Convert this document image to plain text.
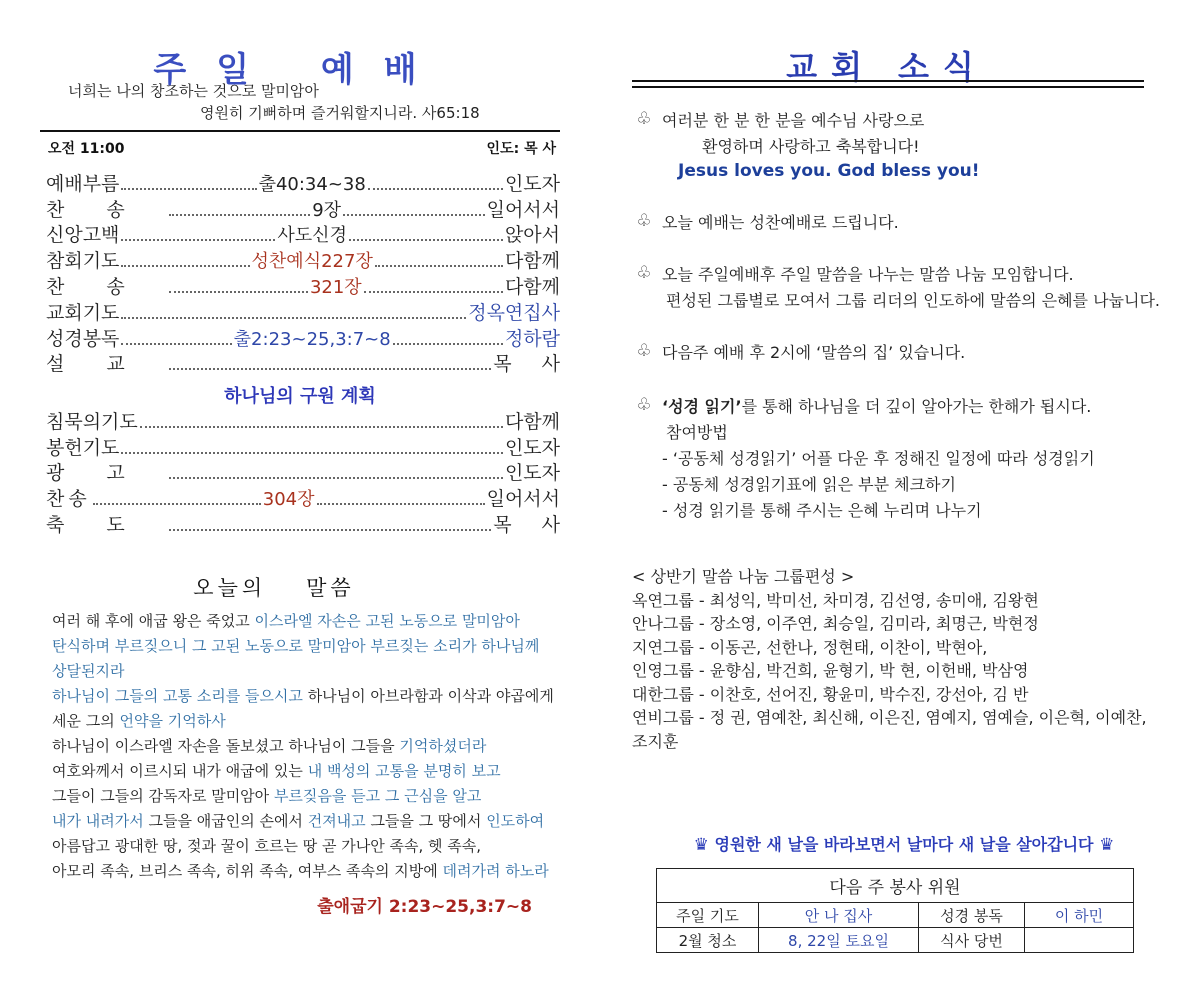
주일 예배
너희는 나의 창조하는 것으로 말미암아
영원히 기뻐하며 즐거워할지니라. 사65:18
오전 11:00	인도: 목 사
예배부름	출40:34~38	인도자
찬송	9장	일어서서
신앙고백	사도신경	앉아서
참회기도	성찬예식227장	다함께
찬송	321장	다함께
교회기도	정옥연집사
성경봉독	출2:23~25,3:7~8	정하람
설교	목사
하나님의 구원 계획
침묵의기도	다함께
봉헌기도	인도자
광고	인도자
찬송	304장	일어서서
축도	목사
오늘의 말씀
여러 해 후에 애굽 왕은 죽었고 이스라엘 자손은 고된 노동으로 말미암아
탄식하며 부르짖으니 그 고된 노동으로 말미암아 부르짖는 소리가 하나님께
상달된지라
하나님이 그들의 고통 소리를 들으시고 하나님이 아브라함과 이삭과 야곱에게
세운 그의 언약을 기억하사
하나님이 이스라엘 자손을 돌보셨고 하나님이 그들을 기억하셨더라
여호와께서 이르시되 내가 애굽에 있는 내 백성의 고통을 분명히 보고
그들이 그들의 감독자로 말미암아 부르짖음을 듣고 그 근심을 알고
내가 내려가서 그들을 애굽인의 손에서 건져내고 그들을 그 땅에서 인도하여
아름답고 광대한 땅, 젖과 꿀이 흐르는 땅 곧 가나안 족속, 헷 족속,
아모리 족속, 브리스 족속, 히위 족속, 여부스 족속의 지방에 데려가려 하노라
출애굽기 2:23~25,3:7~8
교회 소식
♧ 여러분 한 분 한 분을 예수님 사랑으로
환영하며 사랑하고 축복합니다!
Jesus loves you. God bless you!
♧ 오늘 예배는 성찬예배로 드립니다.
♧ 오늘 주일예배후 주일 말씀을 나누는 말씀 나눔 모임합니다.
편성된 그룹별로 모여서 그룹 리더의 인도하에 말씀의 은혜를 나눕니다.
♧ 다음주 예배 후 2시에 ‘말씀의 집’ 있습니다.
♧ ‘성경 읽기’ 를 통해 하나님을 더 깊이 알아가는 한해가 됩시다.
참여방법
- ‘공동체 성경읽기’ 어플 다운 후 정해진 일정에 따라 성경읽기
- 공동체 성경읽기표에 읽은 부분 체크하기
- 성경 읽기를 통해 주시는 은혜 누리며 나누기
< 상반기 말씀 나눔 그룹편성 >
옥연그룹 - 최성익, 박미선, 차미경, 김선영, 송미애, 김왕현
안나그룹 - 장소영, 이주연, 최승일, 김미라, 최명근, 박현정
지연그룹 - 이동곤, 선한나, 정현태, 이찬이, 박현아,
인영그룹 - 윤향심, 박건희, 윤형기, 박 현, 이헌배, 박삼영
대한그룹 - 이찬호, 선어진, 황윤미, 박수진, 강선아, 김 반
연비그룹 - 정 권, 염예찬, 최신해, 이은진, 염예지, 염예슬, 이은혁, 이예찬,
조지훈
♛ 영원한 새 날을 바라보면서 날마다 새 날을 살아갑니다 ♛
다음 주 봉사 위원			
주일 기도	안 나 집사	성경 봉독	이 하민
2월 청소	8, 22일 토요일	식사 당번	
